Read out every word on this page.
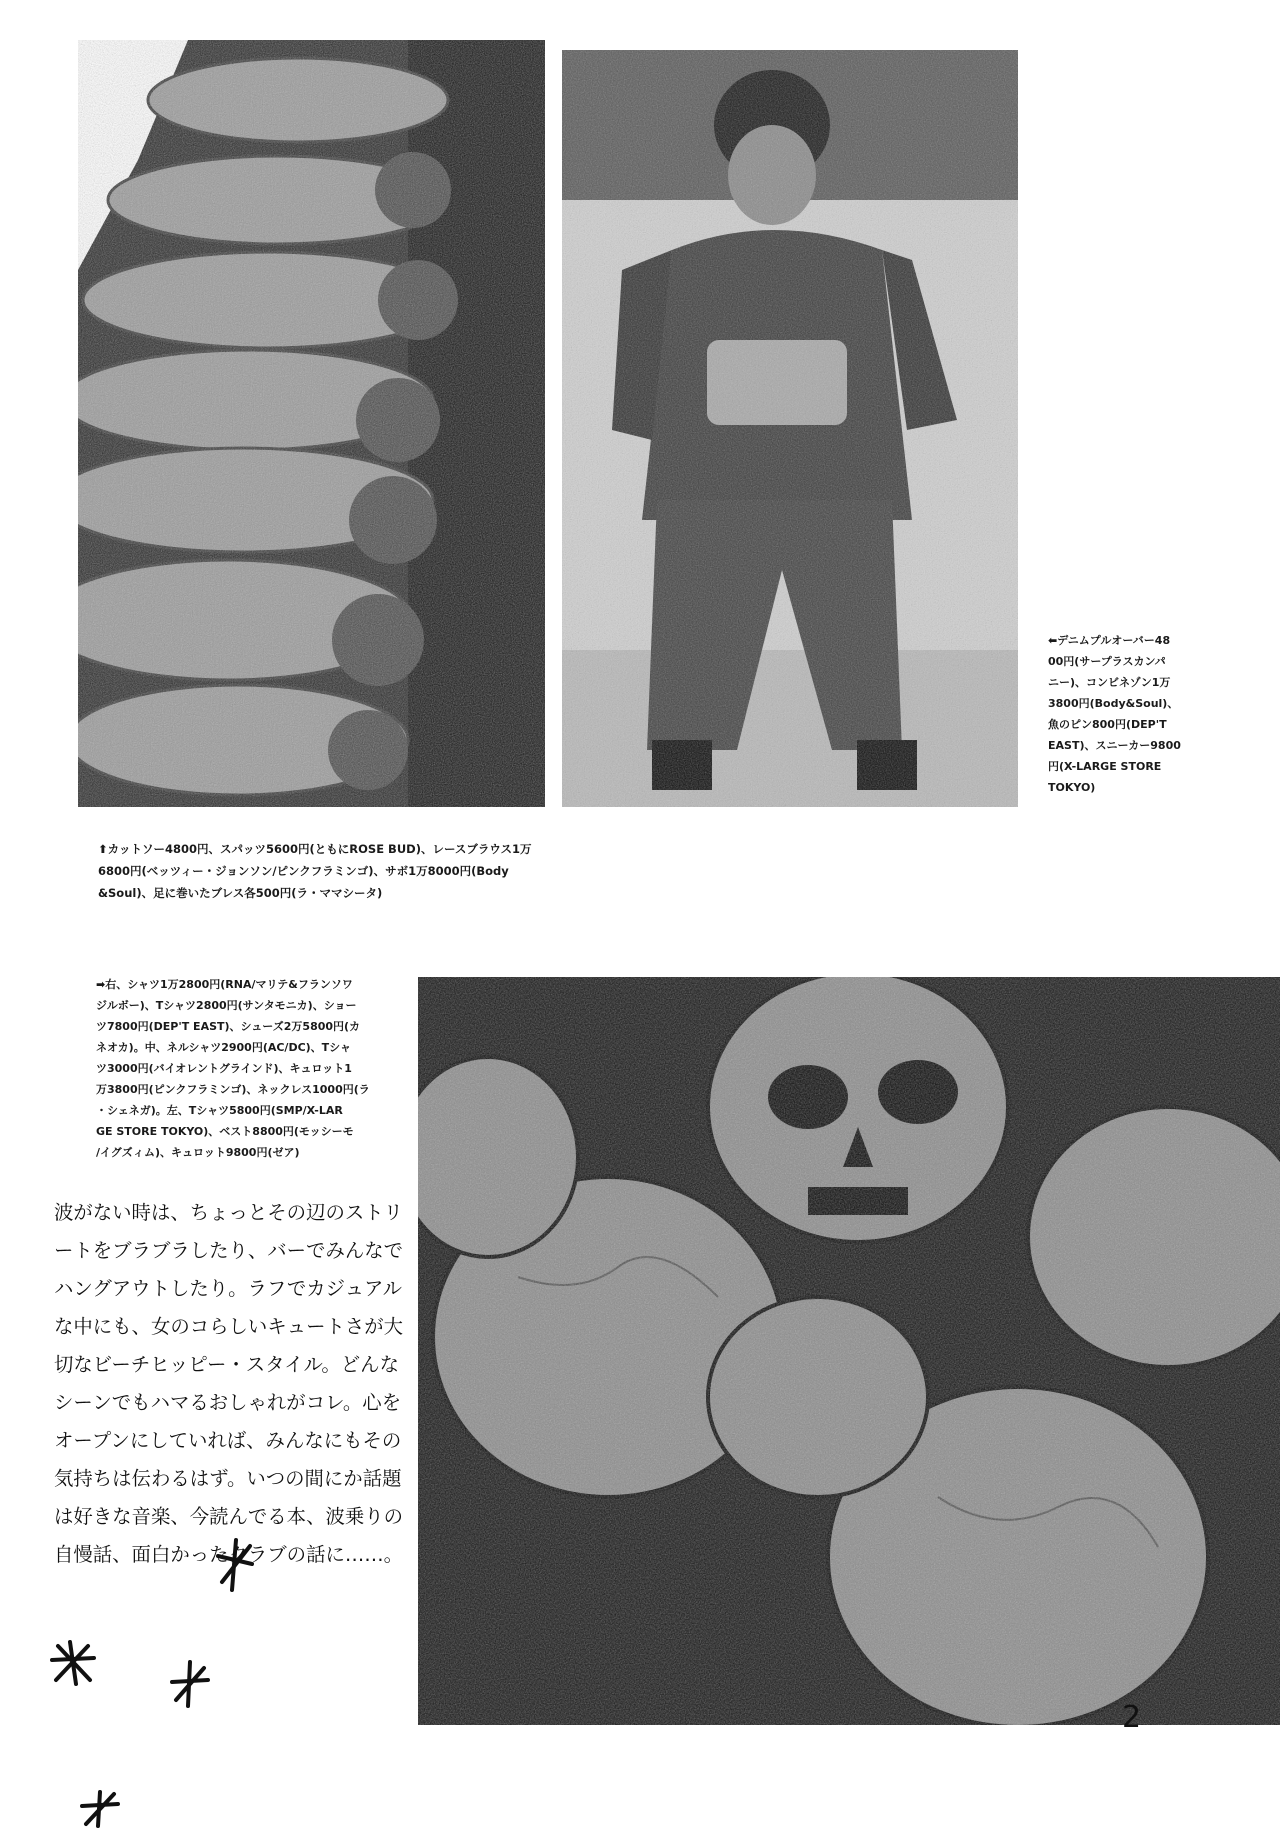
⬆カットソー4800円、スパッツ5600円(ともにROSE BUD)、レースブラウス1万
6800円(ベッツィー・ジョンソン/ピンクフラミンゴ)、サボ1万8000円(Body
&Soul)、足に巻いたブレス各500円(ラ・ママシータ)
⬅デニムプルオーバー48
00円(サープラスカンパ
ニー)、コンビネゾン1万
3800円(Body&Soul)、
魚のピン800円(DEP'T
EAST)、スニーカー9800
円(X-LARGE STORE
TOKYO)
➡右、シャツ1万2800円(RNA/マリテ&フランソワ
ジルボー)、Tシャツ2800円(サンタモニカ)、ショー
ツ7800円(DEP'T EAST)、シューズ2万5800円(カ
ネオカ)。中、ネルシャツ2900円(AC/DC)、Tシャ
ツ3000円(バイオレントグラインド)、キュロット1
万3800円(ピンクフラミンゴ)、ネックレス1000円(ラ
・シェネガ)。左、Tシャツ5800円(SMP/X-LAR
GE STORE TOKYO)、ベスト8800円(モッシーモ
/イグズィム)、キュロット9800円(ゼア)
波がない時は、ちょっとその辺のストリ
ートをブラブラしたり、バーでみんなで
ハングアウトしたり。ラフでカジュアル
な中にも、女のコらしいキュートさが大
切なビーチヒッピー・スタイル。どんな
シーンでもハマるおしゃれがコレ。心を
オープンにしていれば、みんなにもその
気持ちは伝わるはず。いつの間にか話題
は好きな音楽、今読んでる本、波乗りの
自慢話、面白かったクラブの話に……。
2
